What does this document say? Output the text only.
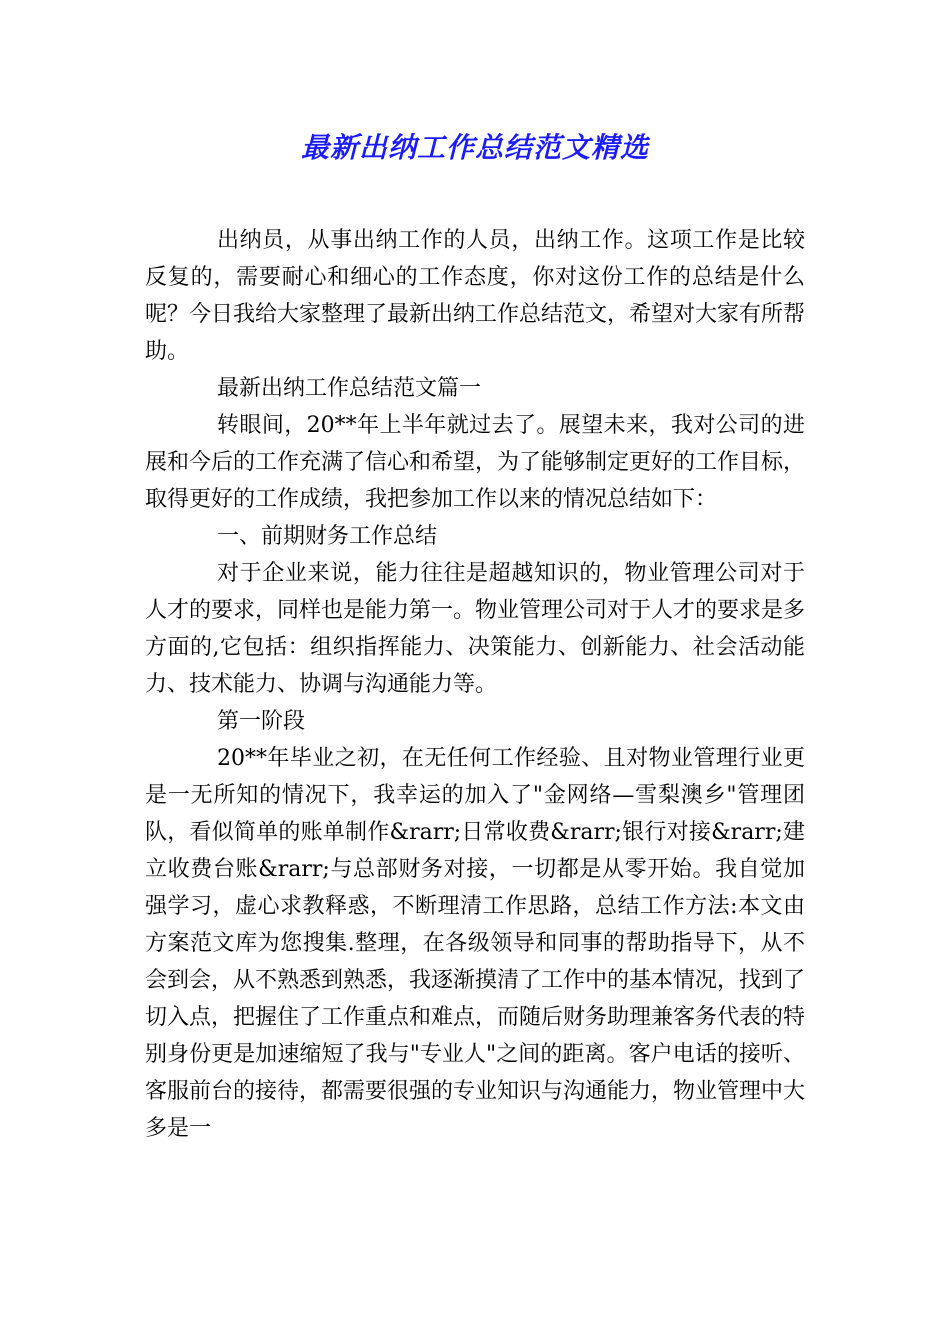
最新出纳工作总结范文精选

出纳员，从事出纳工作的人员，出纳工作。这项工作是比较反复的，需要耐心和细心的工作态度，你对这份工作的总结是什么呢？今日我给大家整理了最新出纳工作总结范文，希望对大家有所帮助。

最新出纳工作总结范文篇一

转眼间，20**年上半年就过去了。展望未来，我对公司的进展和今后的工作充满了信心和希望，为了能够制定更好的工作目标，取得更好的工作成绩，我把参加工作以来的情况总结如下：

一、前期财务工作总结

对于企业来说，能力往往是超越知识的，物业管理公司对于人才的要求，同样也是能力第一。物业管理公司对于人才的要求是多方面的,它包括：组织指挥能力、决策能力、创新能力、社会活动能力、技术能力、协调与沟通能力等。

第一阶段

20**年毕业之初，在无任何工作经验、且对物业管理行业更是一无所知的情况下，我幸运的加入了"金网络—雪梨澳乡"管理团队，看似简单的账单制作&rarr;日常收费&rarr;银行对接&rarr;建立收费台账&rarr;与总部财务对接，一切都是从零开始。我自觉加强学习，虚心求教释惑，不断理清工作思路，总结工作方法:本文由方案范文库为您搜集.整理，在各级领导和同事的帮助指导下，从不会到会，从不熟悉到熟悉，我逐渐摸清了工作中的基本情况，找到了切入点，把握住了工作重点和难点，而随后财务助理兼客务代表的特别身份更是加速缩短了我与"专业人"之间的距离。客户电话的接听、客服前台的接待，都需要很强的专业知识与沟通能力，物业管理中大多是一
